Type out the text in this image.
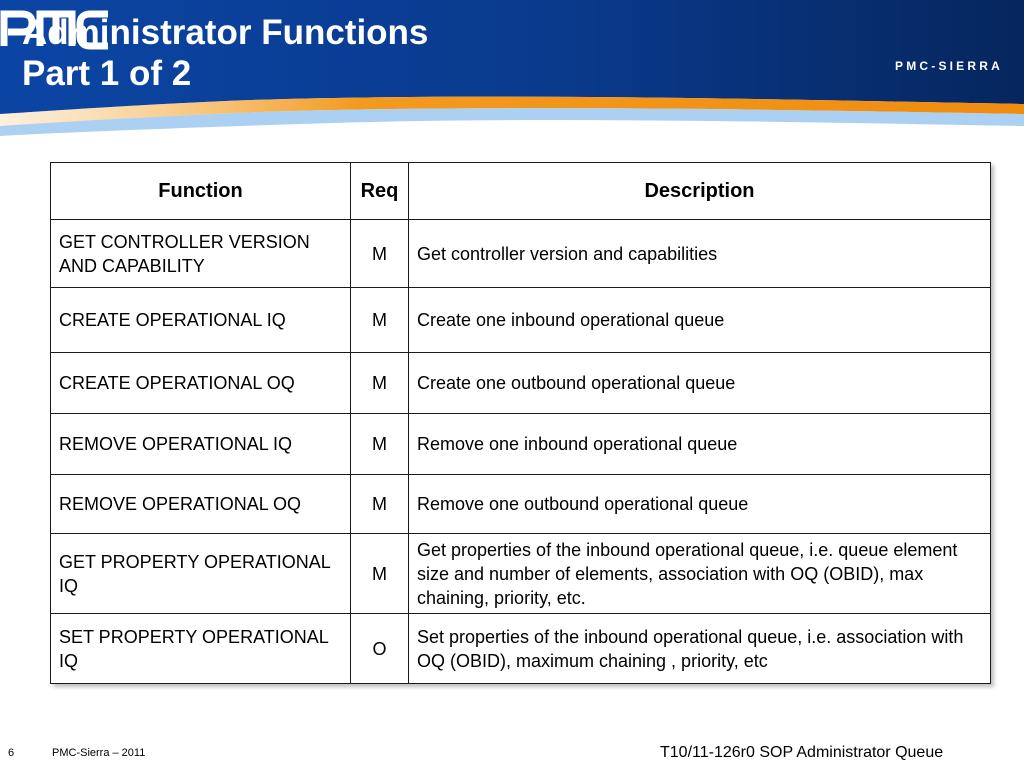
Administrator Functions
Part 1 of 2	PMC-SIERRA
Function	Req	Description
GET CONTROLLER VERSION AND CAPABILITY	M	Get controller version and capabilities
CREATE OPERATIONAL IQ	M	Create one inbound operational queue
CREATE OPERATIONAL OQ	M	Create one outbound operational queue
REMOVE OPERATIONAL IQ	M	Remove one inbound operational queue
REMOVE OPERATIONAL OQ	M	Remove one outbound operational queue
GET PROPERTY OPERATIONAL IQ	M	Get properties of the inbound operational queue, i.e. queue element size and number of elements, association with OQ (OBID), max chaining, priority, etc.
SET PROPERTY OPERATIONAL IQ	O	Set properties of the inbound operational queue, i.e. association with OQ (OBID), maximum chaining , priority, etc
6	PMC-Sierra – 2011	T10/11-126r0 SOP Administrator Queue
